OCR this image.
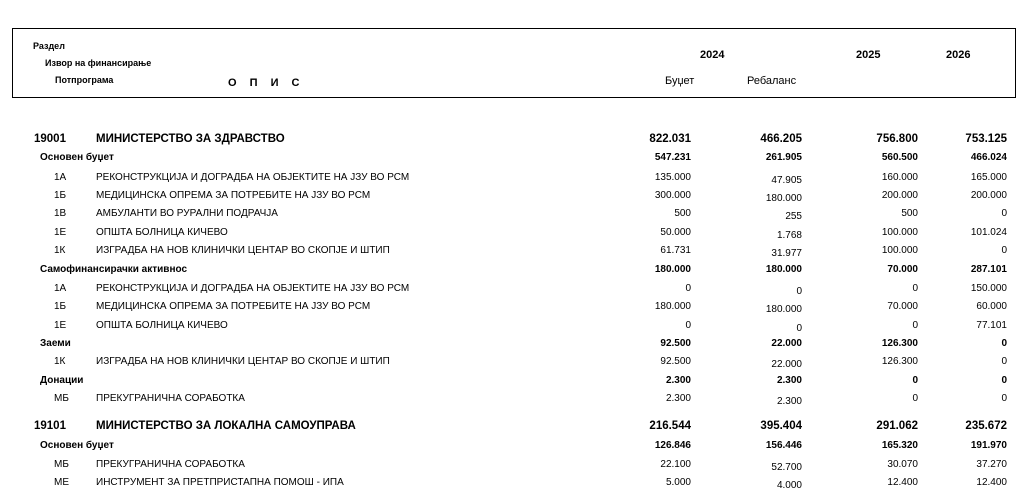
Раздел
Извор на финансирање
Потпрограма	О П И С
2024	2025	2026
Буџет	Ребаланс
19001	МИНИСТЕРСТВО ЗА ЗДРАВСТВО	822.031	466.205	756.800	753.125
Основен буџет	547.231	261.905	560.500	466.024
1А	РЕКОНСТРУКЦИЈА И ДОГРАДБА НА ОБЈЕКТИТЕ НА ЈЗУ ВО РСМ	135.000	47.905	160.000	165.000
1Б	МЕДИЦИНСКА ОПРЕМА ЗА ПОТРЕБИТЕ НА ЈЗУ ВО РСМ	300.000	180.000	200.000	200.000
1В	АМБУЛАНТИ ВО РУРАЛНИ ПОДРАЧЈА	500	255	500	0
1Е	ОПШТА БОЛНИЦА КИЧЕВО	50.000	1.768	100.000	101.024
1К	ИЗГРАДБА НА НОВ КЛИНИЧКИ ЦЕНТАР ВО СКОПЈЕ И ШТИП	61.731	31.977	100.000	0
Самофинансирачки активнос	180.000	180.000	70.000	287.101
1А	РЕКОНСТРУКЦИЈА И ДОГРАДБА НА ОБЈЕКТИТЕ НА ЈЗУ ВО РСМ	0	0	0	150.000
1Б	МЕДИЦИНСКА ОПРЕМА ЗА ПОТРЕБИТЕ НА ЈЗУ ВО РСМ	180.000	180.000	70.000	60.000
1Е	ОПШТА БОЛНИЦА КИЧЕВО	0	0	0	77.101
Заеми	92.500	22.000	126.300	0
1К	ИЗГРАДБА НА НОВ КЛИНИЧКИ ЦЕНТАР ВО СКОПЈЕ И ШТИП	92.500	22.000	126.300	0
Донации	2.300	2.300	0	0
МБ	ПРЕКУГРАНИЧНА СОРАБОТКА	2.300	2.300	0	0
19101	МИНИСТЕРСТВО ЗА ЛОКАЛНА САМОУПРАВА	216.544	395.404	291.062	235.672
Основен буџет	126.846	156.446	165.320	191.970
МБ	ПРЕКУГРАНИЧНА СОРАБОТКА	22.100	52.700	30.070	37.270
МЕ	ИНСТРУМЕНТ ЗА ПРЕТПРИСТАПНА ПОМОШ - ИПА	5.000	4.000	12.400	12.400
